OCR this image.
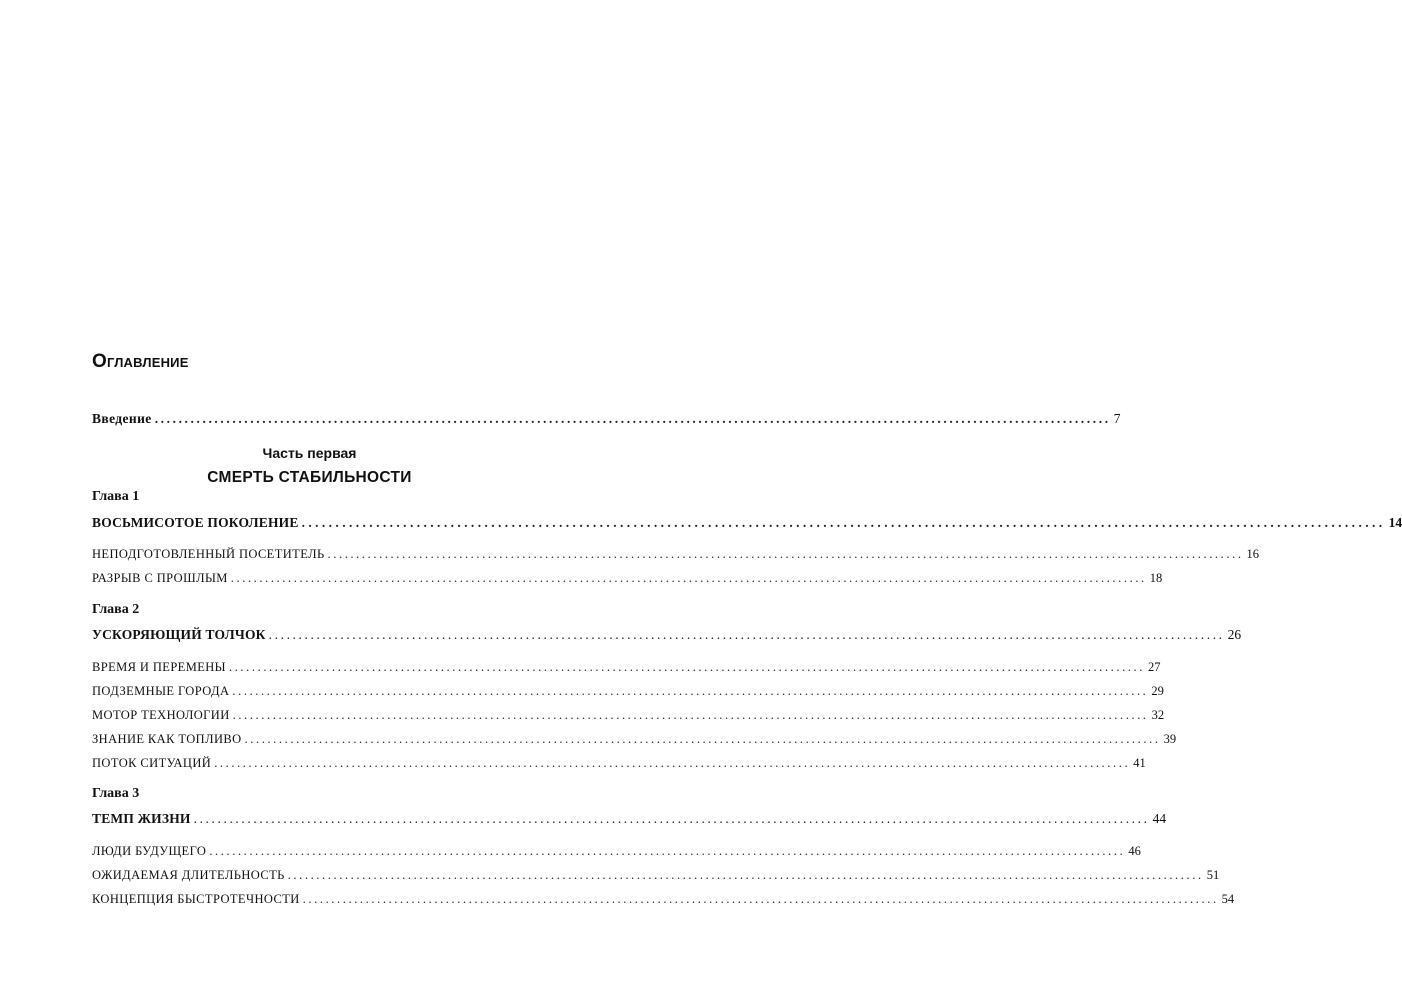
Оглавление
Введение ................................................................................................................................................................ 7
Часть первая
СМЕРТЬ СТАБИЛЬНОСТИ
Глава 1
ВОСЬМИСОТОЕ ПОКОЛЕНИЕ ................................................................................................................................................................ 14
НЕПОДГОТОВЛЕННЫЙ ПОСЕТИТЕЛЬ ................................................................................................................................................................ 16
РАЗРЫВ С ПРОШЛЫМ ................................................................................................................................................................ 18
Глава 2
УСКОРЯЮЩИЙ ТОЛЧОК ................................................................................................................................................................ 26
ВРЕМЯ И ПЕРЕМЕНЫ ................................................................................................................................................................ 27
ПОДЗЕМНЫЕ ГОРОДА ................................................................................................................................................................ 29
МОТОР ТЕХНОЛОГИИ ................................................................................................................................................................ 32
ЗНАНИЕ КАК ТОПЛИВО ................................................................................................................................................................ 39
ПОТОК СИТУАЦИЙ ................................................................................................................................................................ 41
Глава 3
ТЕМП ЖИЗНИ ................................................................................................................................................................ 44
ЛЮДИ БУДУЩЕГО ................................................................................................................................................................ 46
ОЖИДАЕМАЯ ДЛИТЕЛЬНОСТЬ ................................................................................................................................................................ 51
КОНЦЕПЦИЯ БЫСТРОТЕЧНОСТИ ................................................................................................................................................................ 54
